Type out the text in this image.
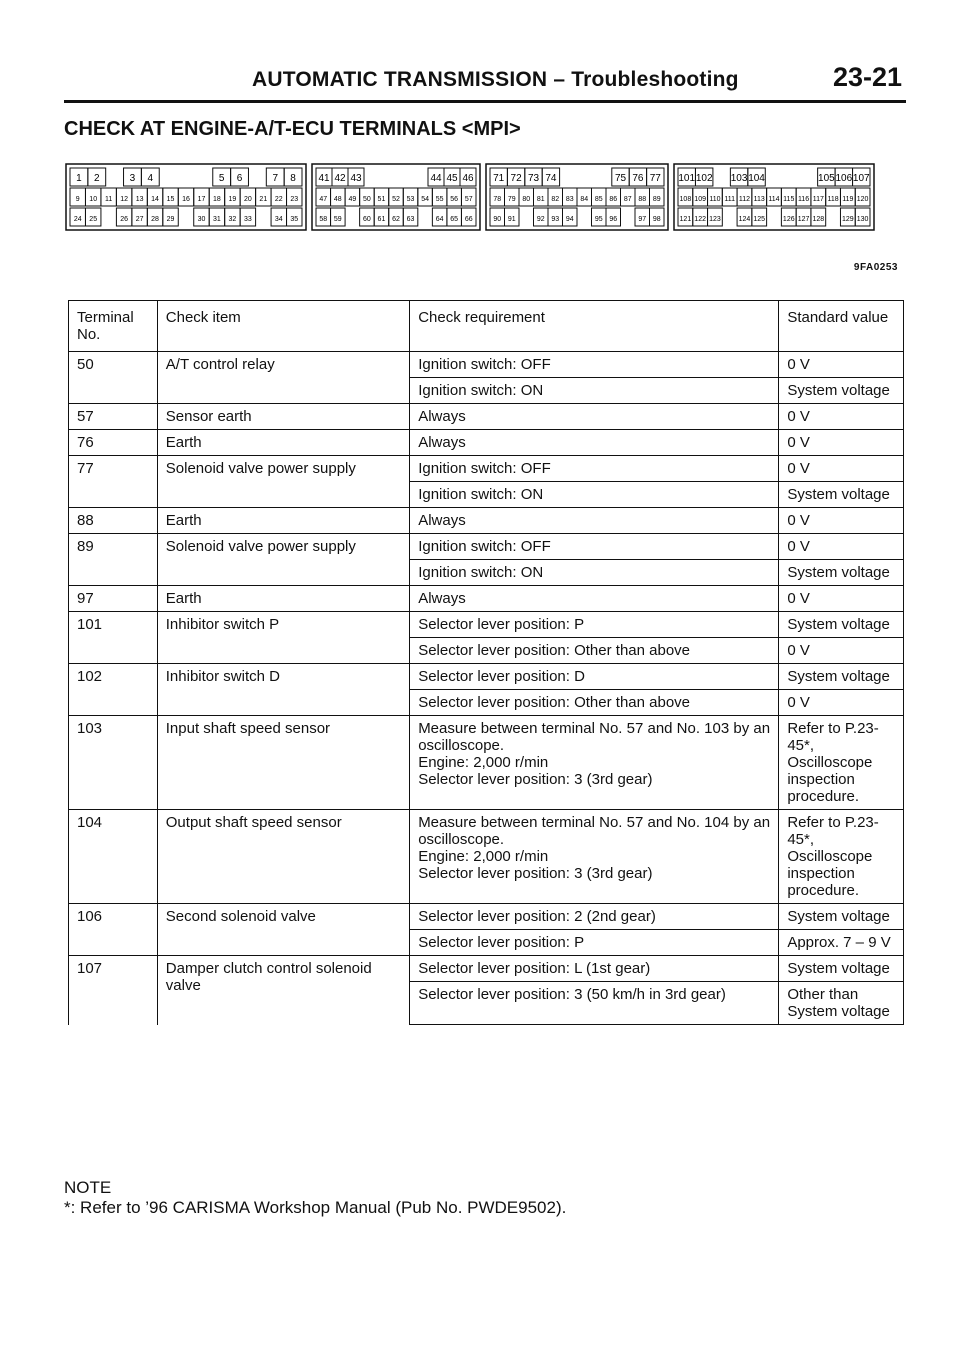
AUTOMATIC TRANSMISSION – Troubleshooting	23-21
CHECK AT ENGINE-A/T-ECU TERMINALS <MPI>
1 2	3 4	5 6	7 8
9 10 11 12 13 14 15 16 17 18 19 20 21 22 23
24 25	26 27 28 29	30 31 32 33	34 35
41 42 43	44 45 46
47 48 49 50 51 52 53 54 55 56 57
58 59	60 61 62 63	64 65 66
71 72 73 74	75 76 77
78 79 80 81 82 83 84 85 86 87 88 89
90 91	92 93 94	95 96	97 98
101 102 103 104	105 106 107
108 109 110 111 112 113 114 115 116 117 118 119 120
121 122 123	124 125	126 127 128	129 130
9FA0253
Terminal No.	Check item	Check requirement	Standard value
50	A/T control relay	Ignition switch: OFF	0 V
		Ignition switch: ON	System voltage
57	Sensor earth	Always	0 V
76	Earth	Always	0 V
77	Solenoid valve power supply	Ignition switch: OFF	0 V
		Ignition switch: ON	System voltage
88	Earth	Always	0 V
89	Solenoid valve power supply	Ignition switch: OFF	0 V
		Ignition switch: ON	System voltage
97	Earth	Always	0 V
101	Inhibitor switch P	Selector lever position: P	System voltage
		Selector lever position: Other than above	0 V
102	Inhibitor switch D	Selector lever position: D	System voltage
		Selector lever position: Other than above	0 V
103	Input shaft speed sensor	Measure between terminal No. 57 and No. 103 by an oscilloscope.
Engine: 2,000 r/min
Selector lever position: 3 (3rd gear)	Refer to P.23-45*, Oscilloscope inspection procedure.
104	Output shaft speed sensor	Measure between terminal No. 57 and No. 104 by an oscilloscope.
Engine: 2,000 r/min
Selector lever position: 3 (3rd gear)	Refer to P.23-45*, Oscilloscope inspection procedure.
106	Second solenoid valve	Selector lever position: 2 (2nd gear)	System voltage
		Selector lever position: P	Approx. 7 – 9 V
107	Damper clutch control solenoid valve	Selector lever position: L (1st gear)	System voltage
		Selector lever position: 3 (50 km/h in 3rd gear)	Other than System voltage
NOTE
*: Refer to ’96 CARISMA Workshop Manual (Pub No. PWDE9502).
